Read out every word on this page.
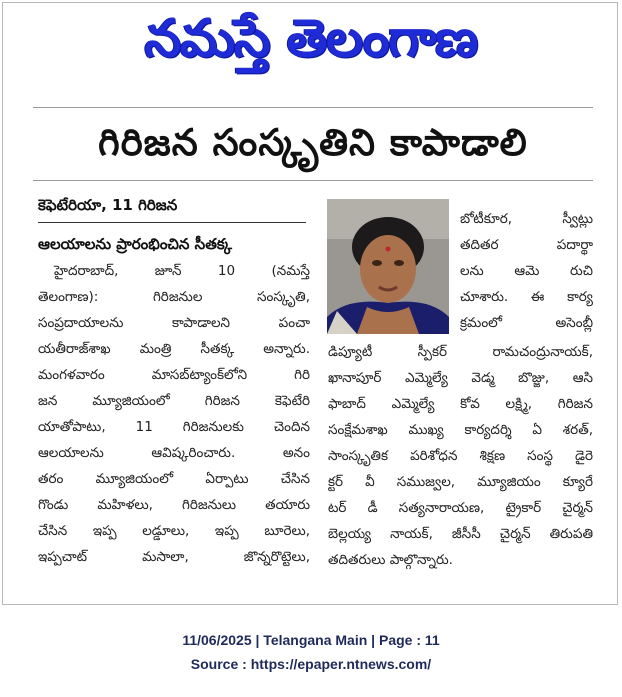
నమస్తే తెలంగాణ
గిరిజన సంస్కృతిని కాపాడాలి
కెఫెటేరియా, 11 గిరిజన
ఆలయాలను ప్రారంభించిన సీతక్క
హైదరాబాద్, జూన్ 10 (నమస్తే
తెలంగాణ): గిరిజనుల సంస్కృతి,
సంప్రదాయాలను కాపాడాలని పంచా
యతీరాజ్‌శాఖ మంత్రి సీతక్క అన్నారు.
మంగళవారం మాసబ్‌ట్యాంక్‌లోని గిరి
జన మ్యూజియంలో గిరిజన కెఫెటేరి
యాతోపాటు, 11 గిరిజనులకు చెందిన
ఆలయాలను ఆవిష్కరించారు. అనం
తరం మ్యూజియంలో ఏర్పాటు చేసిన
గొండు మహిళలు, గిరిజనులు తయారు
చేసిన ఇప్ప లడ్డూలు, ఇప్ప బూరెలు,
ఇప్పచాట్ మసాలా, జొన్నరొట్టెలు,
బోటీకూర, స్వీట్లు
తదితర పదార్థా
లను ఆమె రుచి
చూశారు. ఈ కార్య
క్రమంలో అసెంబ్లీ
డిప్యూటీ స్పీకర్ రామచంద్రునాయక్,
ఖానాపూర్ ఎమ్మెల్యే వెడ్మ బొజ్జు, ఆసి
ఫాబాద్ ఎమ్మెల్యే కోవ లక్ష్మి, గిరిజన
సంక్షేమశాఖ ముఖ్య కార్యదర్శి ఏ శరత్,
సాంస్కృతిక పరిశోధన శిక్షణ సంస్థ డైరె
క్టర్ వీ సముజ్వల, మ్యూజియం క్యూరే
టర్ డీ సత్యనారాయణ, ట్రైకార్ చైర్మన్
బెల్లయ్య నాయక్, జీసీసీ చైర్మన్ తిరుపతి
తదితరులు పాల్గొన్నారు.
11/06/2025 | Telangana Main | Page : 11
Source : https://epaper.ntnews.com/
